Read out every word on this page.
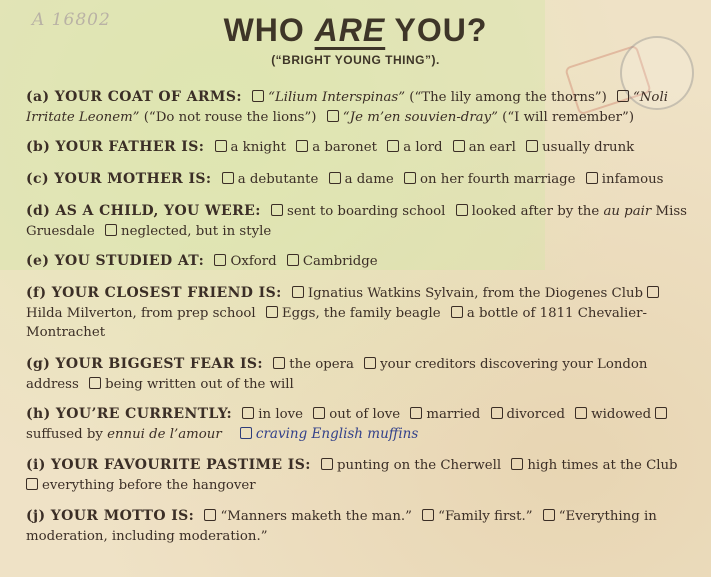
A 16802	WHO ARE YOU?
(“BRIGHT YOUNG THING”).
(a) YOUR COAT OF ARMS: “Lilium Interspinas” (“The lily among the thorns”) “Noli Irritate Leonem” (“Do not rouse the lions”) “Je m’en souvien-dray” (“I will remember”)
(b) YOUR FATHER IS: a knight a baronet a lord an earl usually drunk
(c) YOUR MOTHER IS: a debutante a dame on her fourth marriage infamous
(d) AS A CHILD, YOU WERE: sent to boarding school looked after by the au pair Miss Gruesdale neglected, but in style
(e) YOU STUDIED AT: Oxford Cambridge
(f) YOUR CLOSEST FRIEND IS: Ignatius Watkins Sylvain, from the Diogenes Club Hilda Milverton, from prep school Eggs, the family beagle a bottle of 1811 Chevalier-Montrachet
(g) YOUR BIGGEST FEAR IS: the opera your creditors discovering your London address being written out of the will
(h) YOU’RE CURRENTLY: in love out of love married divorced widowed suffused by ennui de l’amour	craving English muffins
(i) YOUR FAVOURITE PASTIME IS: punting on the Cherwell high times at the Club everything before the hangover
(j) YOUR MOTTO IS: “Manners maketh the man.” “Family first.” “Everything in moderation, including moderation.”
